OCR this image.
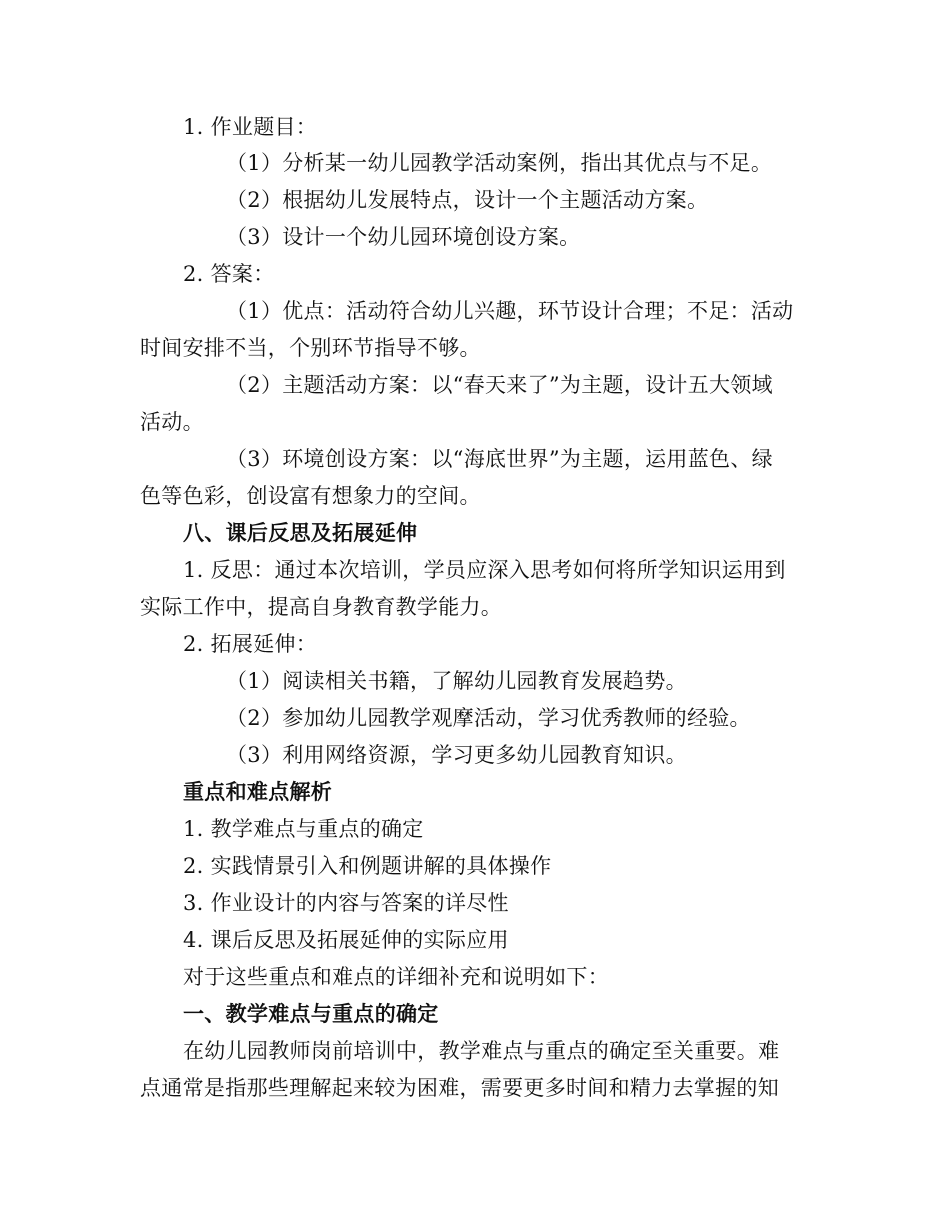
1. 作业题目：
（1）分析某一幼儿园教学活动案例，指出其优点与不足。
（2）根据幼儿发展特点，设计一个主题活动方案。
（3）设计一个幼儿园环境创设方案。
2. 答案：
（1）优点：活动符合幼儿兴趣，环节设计合理；不足：活动
时间安排不当，个别环节指导不够。
（2）主题活动方案：以“春天来了”为主题，设计五大领域
活动。
（3）环境创设方案：以“海底世界”为主题，运用蓝色、绿
色等色彩，创设富有想象力的空间。
八、课后反思及拓展延伸
1. 反思：通过本次培训，学员应深入思考如何将所学知识运用到
实际工作中，提高自身教育教学能力。
2. 拓展延伸：
（1）阅读相关书籍，了解幼儿园教育发展趋势。
（2）参加幼儿园教学观摩活动，学习优秀教师的经验。
（3）利用网络资源，学习更多幼儿园教育知识。
重点和难点解析
1. 教学难点与重点的确定
2. 实践情景引入和例题讲解的具体操作
3. 作业设计的内容与答案的详尽性
4. 课后反思及拓展延伸的实际应用
对于这些重点和难点的详细补充和说明如下：
一、教学难点与重点的确定
在幼儿园教师岗前培训中，教学难点与重点的确定至关重要。难
点通常是指那些理解起来较为困难，需要更多时间和精力去掌握的知
